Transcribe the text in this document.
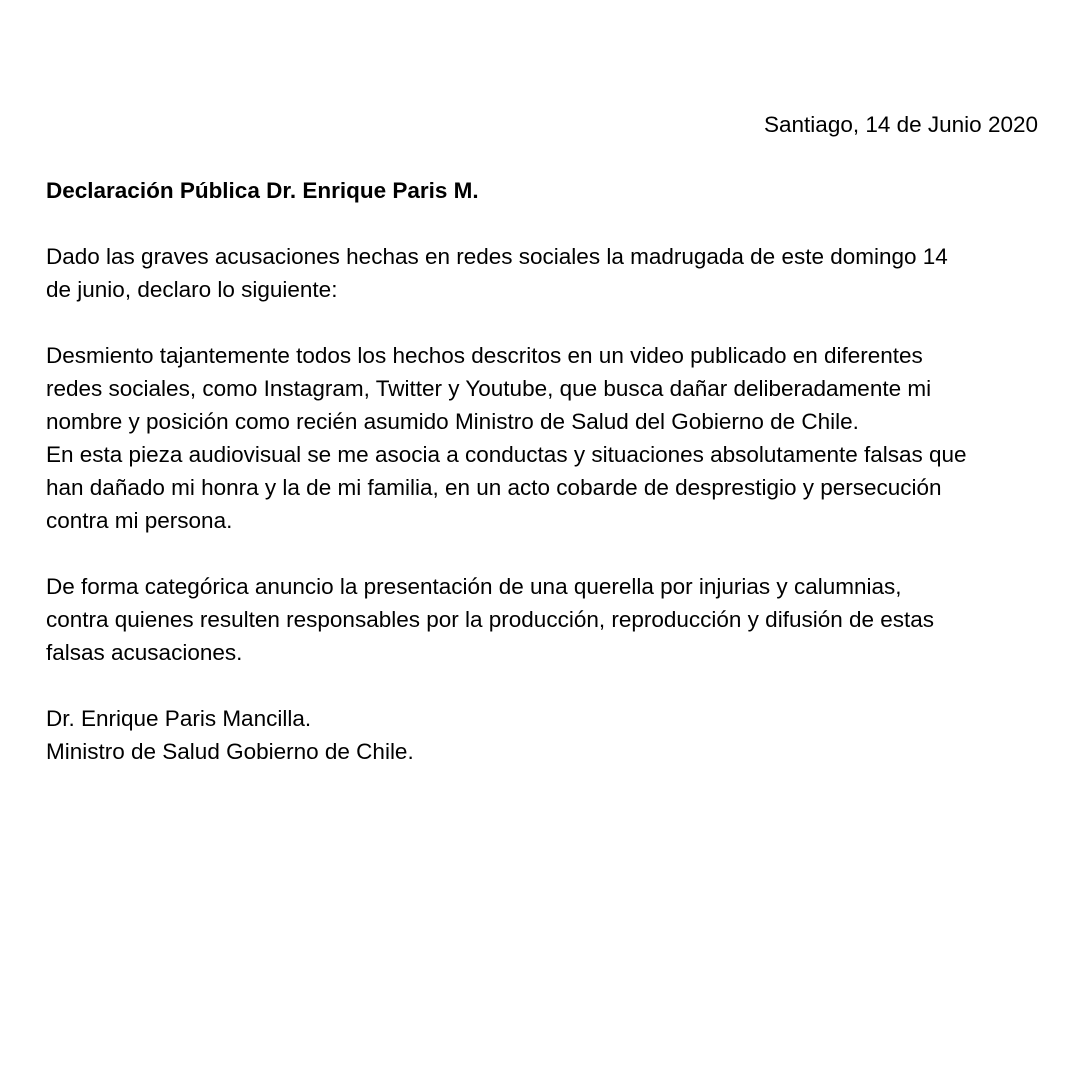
Santiago, 14 de Junio 2020
Declaración Pública Dr. Enrique Paris M.
Dado las graves acusaciones hechas en redes sociales la madrugada de este domingo 14
de junio, declaro lo siguiente:
Desmiento tajantemente todos los hechos descritos en un video publicado en diferentes
redes sociales, como Instagram, Twitter y Youtube, que busca dañar deliberadamente mi
nombre y posición como recién asumido Ministro de Salud del Gobierno de Chile.
En esta pieza audiovisual se me asocia a conductas y situaciones absolutamente falsas que
han dañado mi honra y la de mi familia, en un acto cobarde de desprestigio y persecución
contra mi persona.
De forma categórica anuncio la presentación de una querella por injurias y calumnias,
contra quienes resulten responsables por la producción, reproducción y difusión de estas
falsas acusaciones.
Dr. Enrique Paris Mancilla.
Ministro de Salud Gobierno de Chile.
